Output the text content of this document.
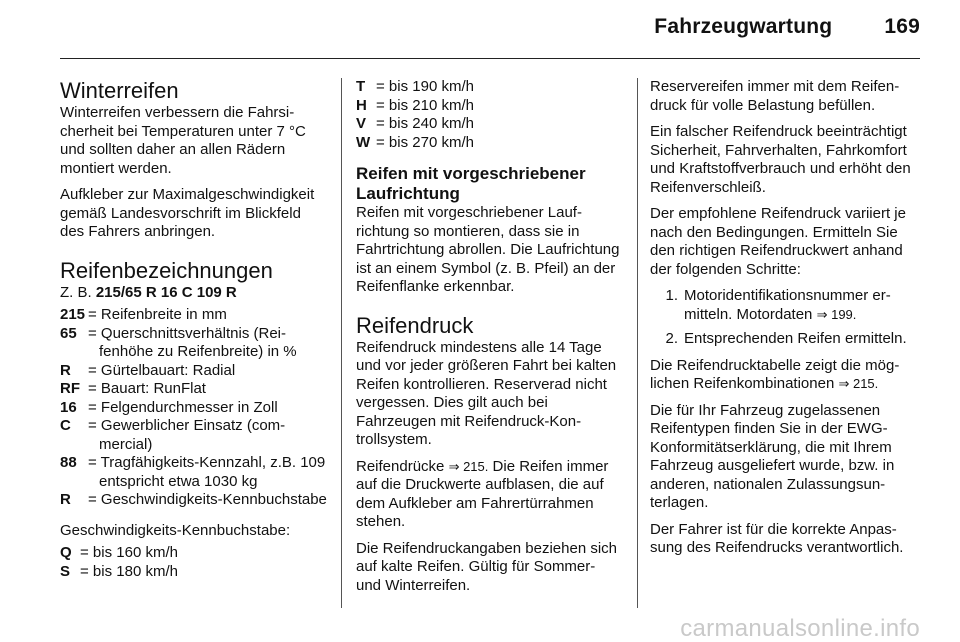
Fahrzeugwartung 169
Winterreifen

Winterreifen verbessern die Fahrsicherheit bei Temperaturen unter 7 °C und sollten daher an allen Rädern montiert werden.

Aufkleber zur Maximalgeschwindigkeit gemäß Landesvorschrift im Blickfeld des Fahrers anbringen.

Reifenbezeichnungen

Z. B. 215/65 R 16 C 109 R

215 = Reifenbreite in mm
65 = Querschnittsverhältnis (Reifenhöhe zu Reifenbreite) in %
R	= Gürtelbauart: Radial
RF = Bauart: RunFlat
16 = Felgendurchmesser in Zoll
C	= Gewerblicher Einsatz (commercial)
88 = Tragfähigkeits-Kennzahl, z.B. 109 entspricht etwa 1030 kg
R	= Geschwindigkeits-Kennbuchstabe

Geschwindigkeits-Kennbuchstabe:

Q = bis 160 km/h
S = bis 180 km/h
T = bis 190 km/h
H = bis 210 km/h
V = bis 240 km/h
W = bis 270 km/h
Reifen mit vorgeschriebener Laufrichtung

Reifen mit vorgeschriebener Laufrichtung so montieren, dass sie in Fahrtrichtung abrollen. Die Laufrichtung ist an einem Symbol (z. B. Pfeil) an der Reifenflanke erkennbar.

Reifendruck

Reifendruck mindestens alle 14 Tage und vor jeder größeren Fahrt bei kalten Reifen kontrollieren. Reserverad nicht vergessen. Dies gilt auch bei Fahrzeugen mit Reifendruck-Kontrollsystem.

Reifendrücke ⇒ 215. Die Reifen immer auf die Druckwerte aufblasen, die auf dem Aufkleber am Fahrertürrahmen stehen.

Die Reifendruckangaben beziehen sich auf kalte Reifen. Gültig für Sommer- und Winterreifen.

Reservereifen immer mit dem Reifendruck für volle Belastung befüllen.

Ein falscher Reifendruck beeinträchtigt Sicherheit, Fahrverhalten, Fahrkomfort und Kraftstoffverbrauch und erhöht den Reifenverschleiß.

Der empfohlene Reifendruck variiert je nach den Bedingungen. Ermitteln Sie den richtigen Reifendruckwert anhand der folgenden Schritte:

1. Motoridentifikationsnummer ermitteln. Motordaten ⇒ 199.
2. Entsprechenden Reifen ermitteln.

Die Reifendrucktabelle zeigt die möglichen Reifenkombinationen ⇒ 215.

Die für Ihr Fahrzeug zugelassenen Reifentypen finden Sie in der EWG-Konformitätserklärung, die mit Ihrem Fahrzeug ausgeliefert wurde, bzw. in anderen, nationalen Zulassungsunterlagen.

Der Fahrer ist für die korrekte Anpassung des Reifendrucks verantwortlich.

carmanualsonline.info
